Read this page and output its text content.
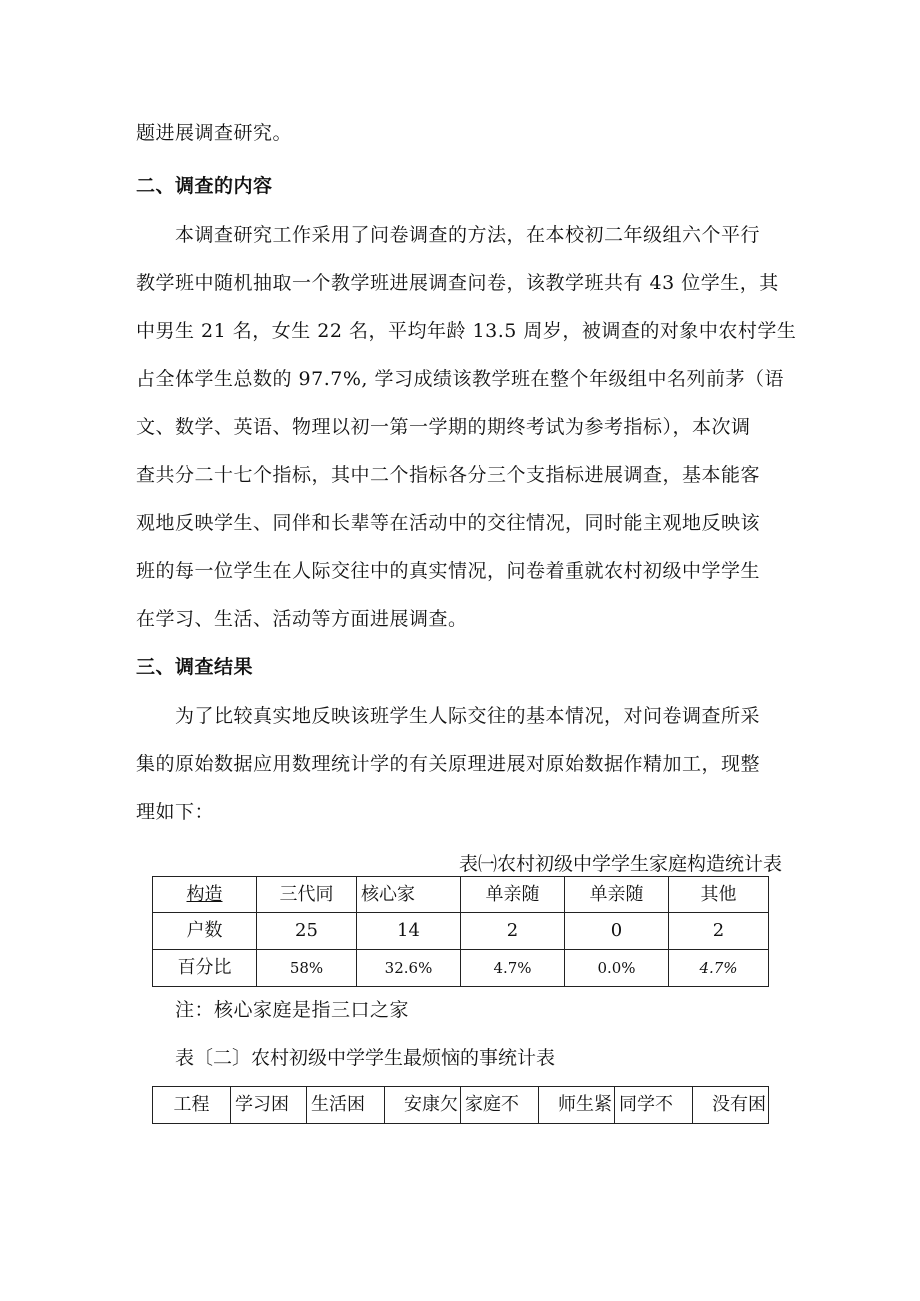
题进展调查研究。
二、调查的内容
本调查研究工作采用了问卷调查的方法，在本校初二年级组六个平行
教学班中随机抽取一个教学班进展调查问卷，该教学班共有 43 位学生，其
中男生 21 名，女生 22 名，平均年龄 13.5 周岁，被调查的对象中农村学生
占全体学生总数的 97.7%, 学习成绩该教学班在整个年级组中名列前茅（语
文、数学、英语、物理以初一第一学期的期终考试为参考指标），本次调
查共分二十七个指标，其中二个指标各分三个支指标进展调查，基本能客
观地反映学生、同伴和长辈等在活动中的交往情况，同时能主观地反映该
班的每一位学生在人际交往中的真实情况，问卷着重就农村初级中学学生
在学习、生活、活动等方面进展调查。
三、调查结果
为了比较真实地反映该班学生人际交往的基本情况，对问卷调查所采
集的原始数据应用数理统计学的有关原理进展对原始数据作精加工，现整
理如下：
表㈠农村初级中学学生家庭构造统计表
构造	三代同	核心家	单亲随	单亲随	其他
户数	25	14	2	0	2
百分比	58%	32.6%	4.7%	0.0%	4.7%
注：核心家庭是指三口之家
表〔二〕农村初级中学学生最烦恼的事统计表
工程	学习困	生活困	安康欠	家庭不	师生紧	同学不	没有困
